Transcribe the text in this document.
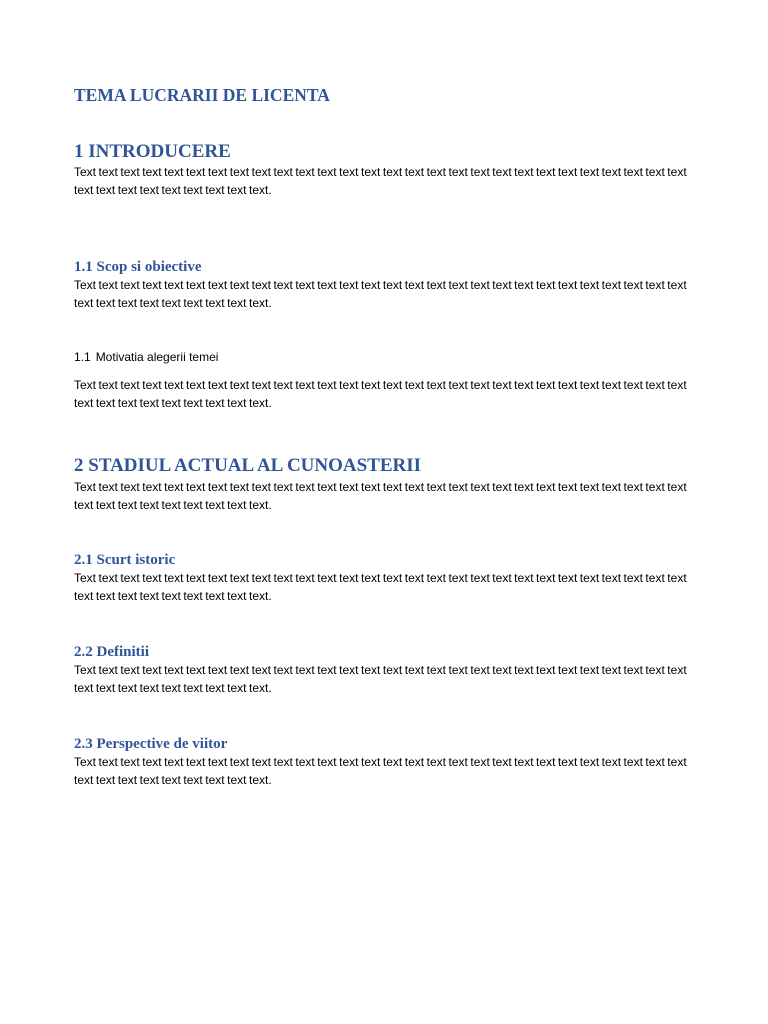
TEMA LUCRARII DE LICENTA
1 INTRODUCERE

Text text text text text text text text text text text text text text text text text text text text text text text text text text text text text text text text text text text text text.

1.1 Scop si obiective

Text text text text text text text text text text text text text text text text text text text text text text text text text text text text text text text text text text text text text.

1.1 Motivatia alegerii temei

Text text text text text text text text text text text text text text text text text text text text text text text text text text text text text text text text text text text text text.

2 STADIUL ACTUAL AL CUNOASTERII

Text text text text text text text text text text text text text text text text text text text text text text text text text text text text text text text text text text text text text.

2.1 Scurt istoric

Text text text text text text text text text text text text text text text text text text text text text text text text text text text text text text text text text text text text text.

2.2 Definitii

Text text text text text text text text text text text text text text text text text text text text text text text text text text text text text text text text text text text text text.

2.3 Perspective de viitor

Text text text text text text text text text text text text text text text text text text text text text text text text text text text text text text text text text text text text text.
